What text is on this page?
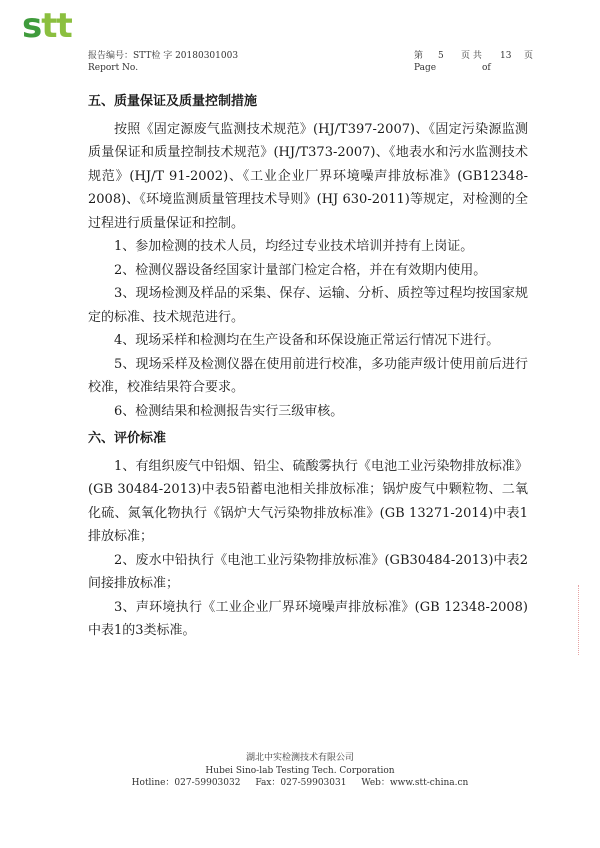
stt
报告编号：STT检 字 20180301003
Report No.
第 5 页 共 13 页
Page	of

五、质量保证及质量控制措施

按照《固定源废气监测技术规范》(HJ/T397-2007)、《固定污染源监测质量保证和质量控制技术规范》(HJ/T373-2007)、《地表水和污水监测技术规范》(HJ/T 91-2002)、《工业企业厂界环境噪声排放标准》(GB12348-2008)、《环境监测质量管理技术导则》(HJ 630-2011)等规定，对检测的全过程进行质量保证和控制。

1、参加检测的技术人员，均经过专业技术培训并持有上岗证。

2、检测仪器设备经国家计量部门检定合格，并在有效期内使用。

3、现场检测及样品的采集、保存、运输、分析、质控等过程均按国家规定的标准、技术规范进行。

4、现场采样和检测均在生产设备和环保设施正常运行情况下进行。

5、现场采样及检测仪器在使用前进行校准，多功能声级计使用前后进行校准，校准结果符合要求。

6、检测结果和检测报告实行三级审核。

六、评价标准

1、有组织废气中铅烟、铅尘、硫酸雾执行《电池工业污染物排放标准》(GB 30484-2013)中表5铅蓄电池相关排放标准；锅炉废气中颗粒物、二氧化硫、氮氧化物执行《锅炉大气污染物排放标准》(GB 13271-2014)中表1排放标准；

2、废水中铅执行《电池工业污染物排放标准》(GB30484-2013)中表2间接排放标准；

3、声环境执行《工业企业厂界环境噪声排放标准》(GB 12348-2008)中表1的3类标准。

湖北中实检测技术有限公司
Hubei Sino-lab Testing Tech. Corporation
Hotline：027-59903032 Fax：027-59903031 Web：www.stt-china.cn
